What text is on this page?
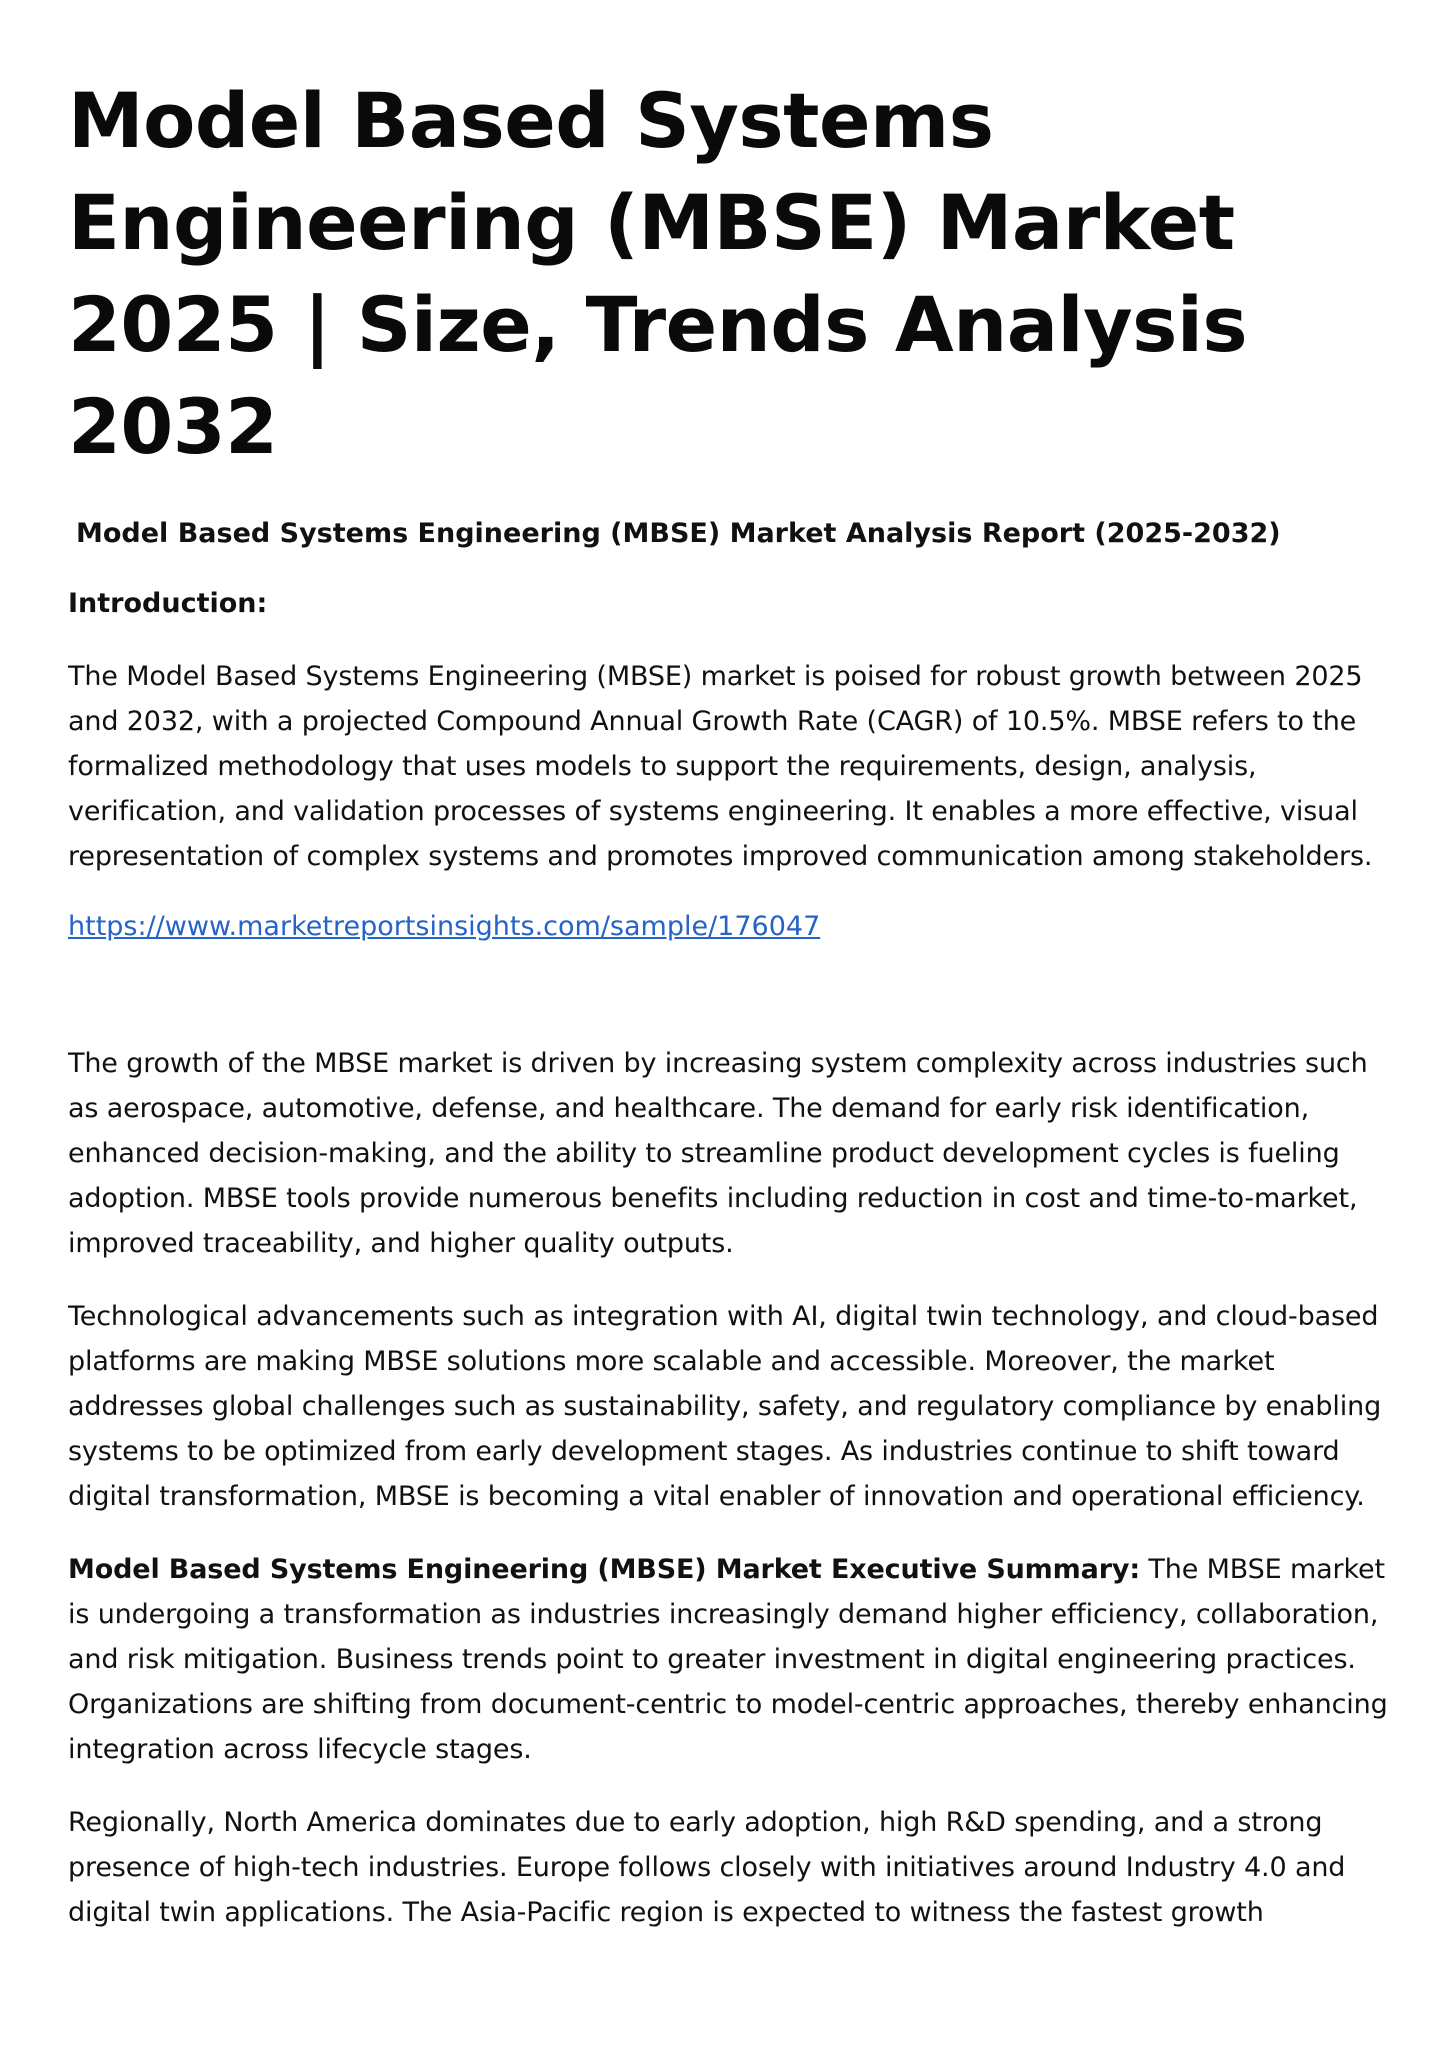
Model Based Systems Engineering (MBSE) Market 2025 | Size, Trends Analysis 2032
Model Based Systems Engineering (MBSE) Market Analysis Report (2025-2032)
Introduction:

The Model Based Systems Engineering (MBSE) market is poised for robust growth between 2025 and 2032, with a projected Compound Annual Growth Rate (CAGR) of 10.5%. MBSE refers to the formalized methodology that uses models to support the requirements, design, analysis, verification, and validation processes of systems engineering. It enables a more effective, visual representation of complex systems and promotes improved communication among stakeholders.

https://www.marketreportsinsights.com/sample/176047

The growth of the MBSE market is driven by increasing system complexity across industries such as aerospace, automotive, defense, and healthcare. The demand for early risk identification, enhanced decision-making, and the ability to streamline product development cycles is fueling adoption. MBSE tools provide numerous benefits including reduction in cost and time-to-market, improved traceability, and higher quality outputs.

Technological advancements such as integration with AI, digital twin technology, and cloud-based platforms are making MBSE solutions more scalable and accessible. Moreover, the market addresses global challenges such as sustainability, safety, and regulatory compliance by enabling systems to be optimized from early development stages. As industries continue to shift toward digital transformation, MBSE is becoming a vital enabler of innovation and operational efficiency.

Model Based Systems Engineering (MBSE) Market Executive Summary: The MBSE market is undergoing a transformation as industries increasingly demand higher efficiency, collaboration, and risk mitigation. Business trends point to greater investment in digital engineering practices. Organizations are shifting from document-centric to model-centric approaches, thereby enhancing integration across lifecycle stages.

Regionally, North America dominates due to early adoption, high R&D spending, and a strong presence of high-tech industries. Europe follows closely with initiatives around Industry 4.0 and digital twin applications. The Asia-Pacific region is expected to witness the fastest growth
